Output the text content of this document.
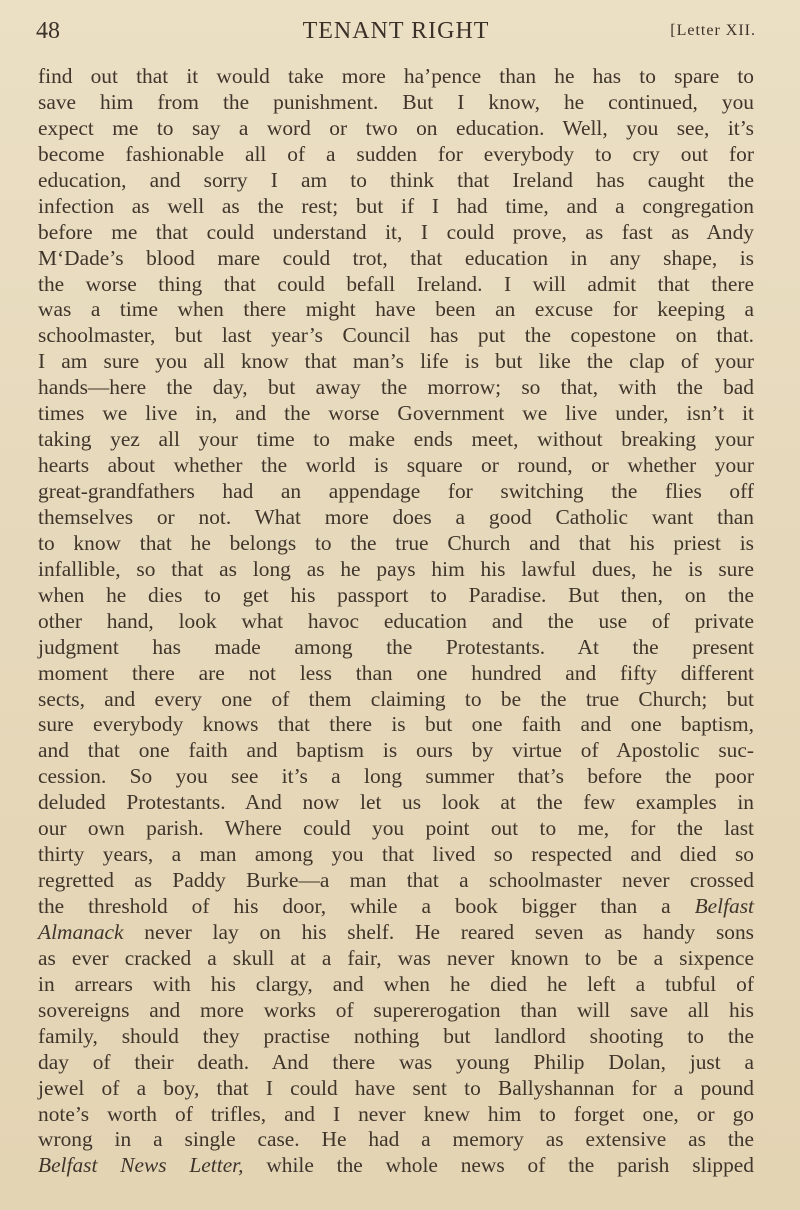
48	TENANT RIGHT	[Letter XII.
find out that it would take more ha’pence than he has to spare to
save him from the punishment. But I know, he continued, you
expect me to say a word or two on education. Well, you see, it’s
become fashionable all of a sudden for everybody to cry out for
education, and sorry I am to think that Ireland has caught the
infection as well as the rest; but if I had time, and a congregation
before me that could understand it, I could prove, as fast as Andy
M‘Dade’s blood mare could trot, that education in any shape, is
the worse thing that could befall Ireland. I will admit that there
was a time when there might have been an excuse for keeping a
schoolmaster, but last year’s Council has put the copestone on that.
I am sure you all know that man’s life is but like the clap of your
hands—here the day, but away the morrow; so that, with the bad
times we live in, and the worse Government we live under, isn’t it
taking yez all your time to make ends meet, without breaking your
hearts about whether the world is square or round, or whether your
great-grandfathers had an appendage for switching the flies off
themselves or not. What more does a good Catholic want than
to know that he belongs to the true Church and that his priest is
infallible, so that as long as he pays him his lawful dues, he is sure
when he dies to get his passport to Paradise. But then, on the
other hand, look what havoc education and the use of private
judgment has made among the Protestants. At the present
moment there are not less than one hundred and fifty different
sects, and every one of them claiming to be the true Church; but
sure everybody knows that there is but one faith and one baptism,
and that one faith and baptism is ours by virtue of Apostolic suc-
cession. So you see it’s a long summer that’s before the poor
deluded Protestants. And now let us look at the few examples in
our own parish. Where could you point out to me, for the last
thirty years, a man among you that lived so respected and died so
regretted as Paddy Burke—a man that a schoolmaster never crossed
the threshold of his door, while a book bigger than a Belfast
Almanack never lay on his shelf. He reared seven as handy sons
as ever cracked a skull at a fair, was never known to be a sixpence
in arrears with his clargy, and when he died he left a tubful of
sovereigns and more works of supererogation than will save all his
family, should they practise nothing but landlord shooting to the
day of their death. And there was young Philip Dolan, just a
jewel of a boy, that I could have sent to Ballyshannan for a pound
note’s worth of trifles, and I never knew him to forget one, or go
wrong in a single case. He had a memory as extensive as the
Belfast News Letter, while the whole news of the parish slipped
